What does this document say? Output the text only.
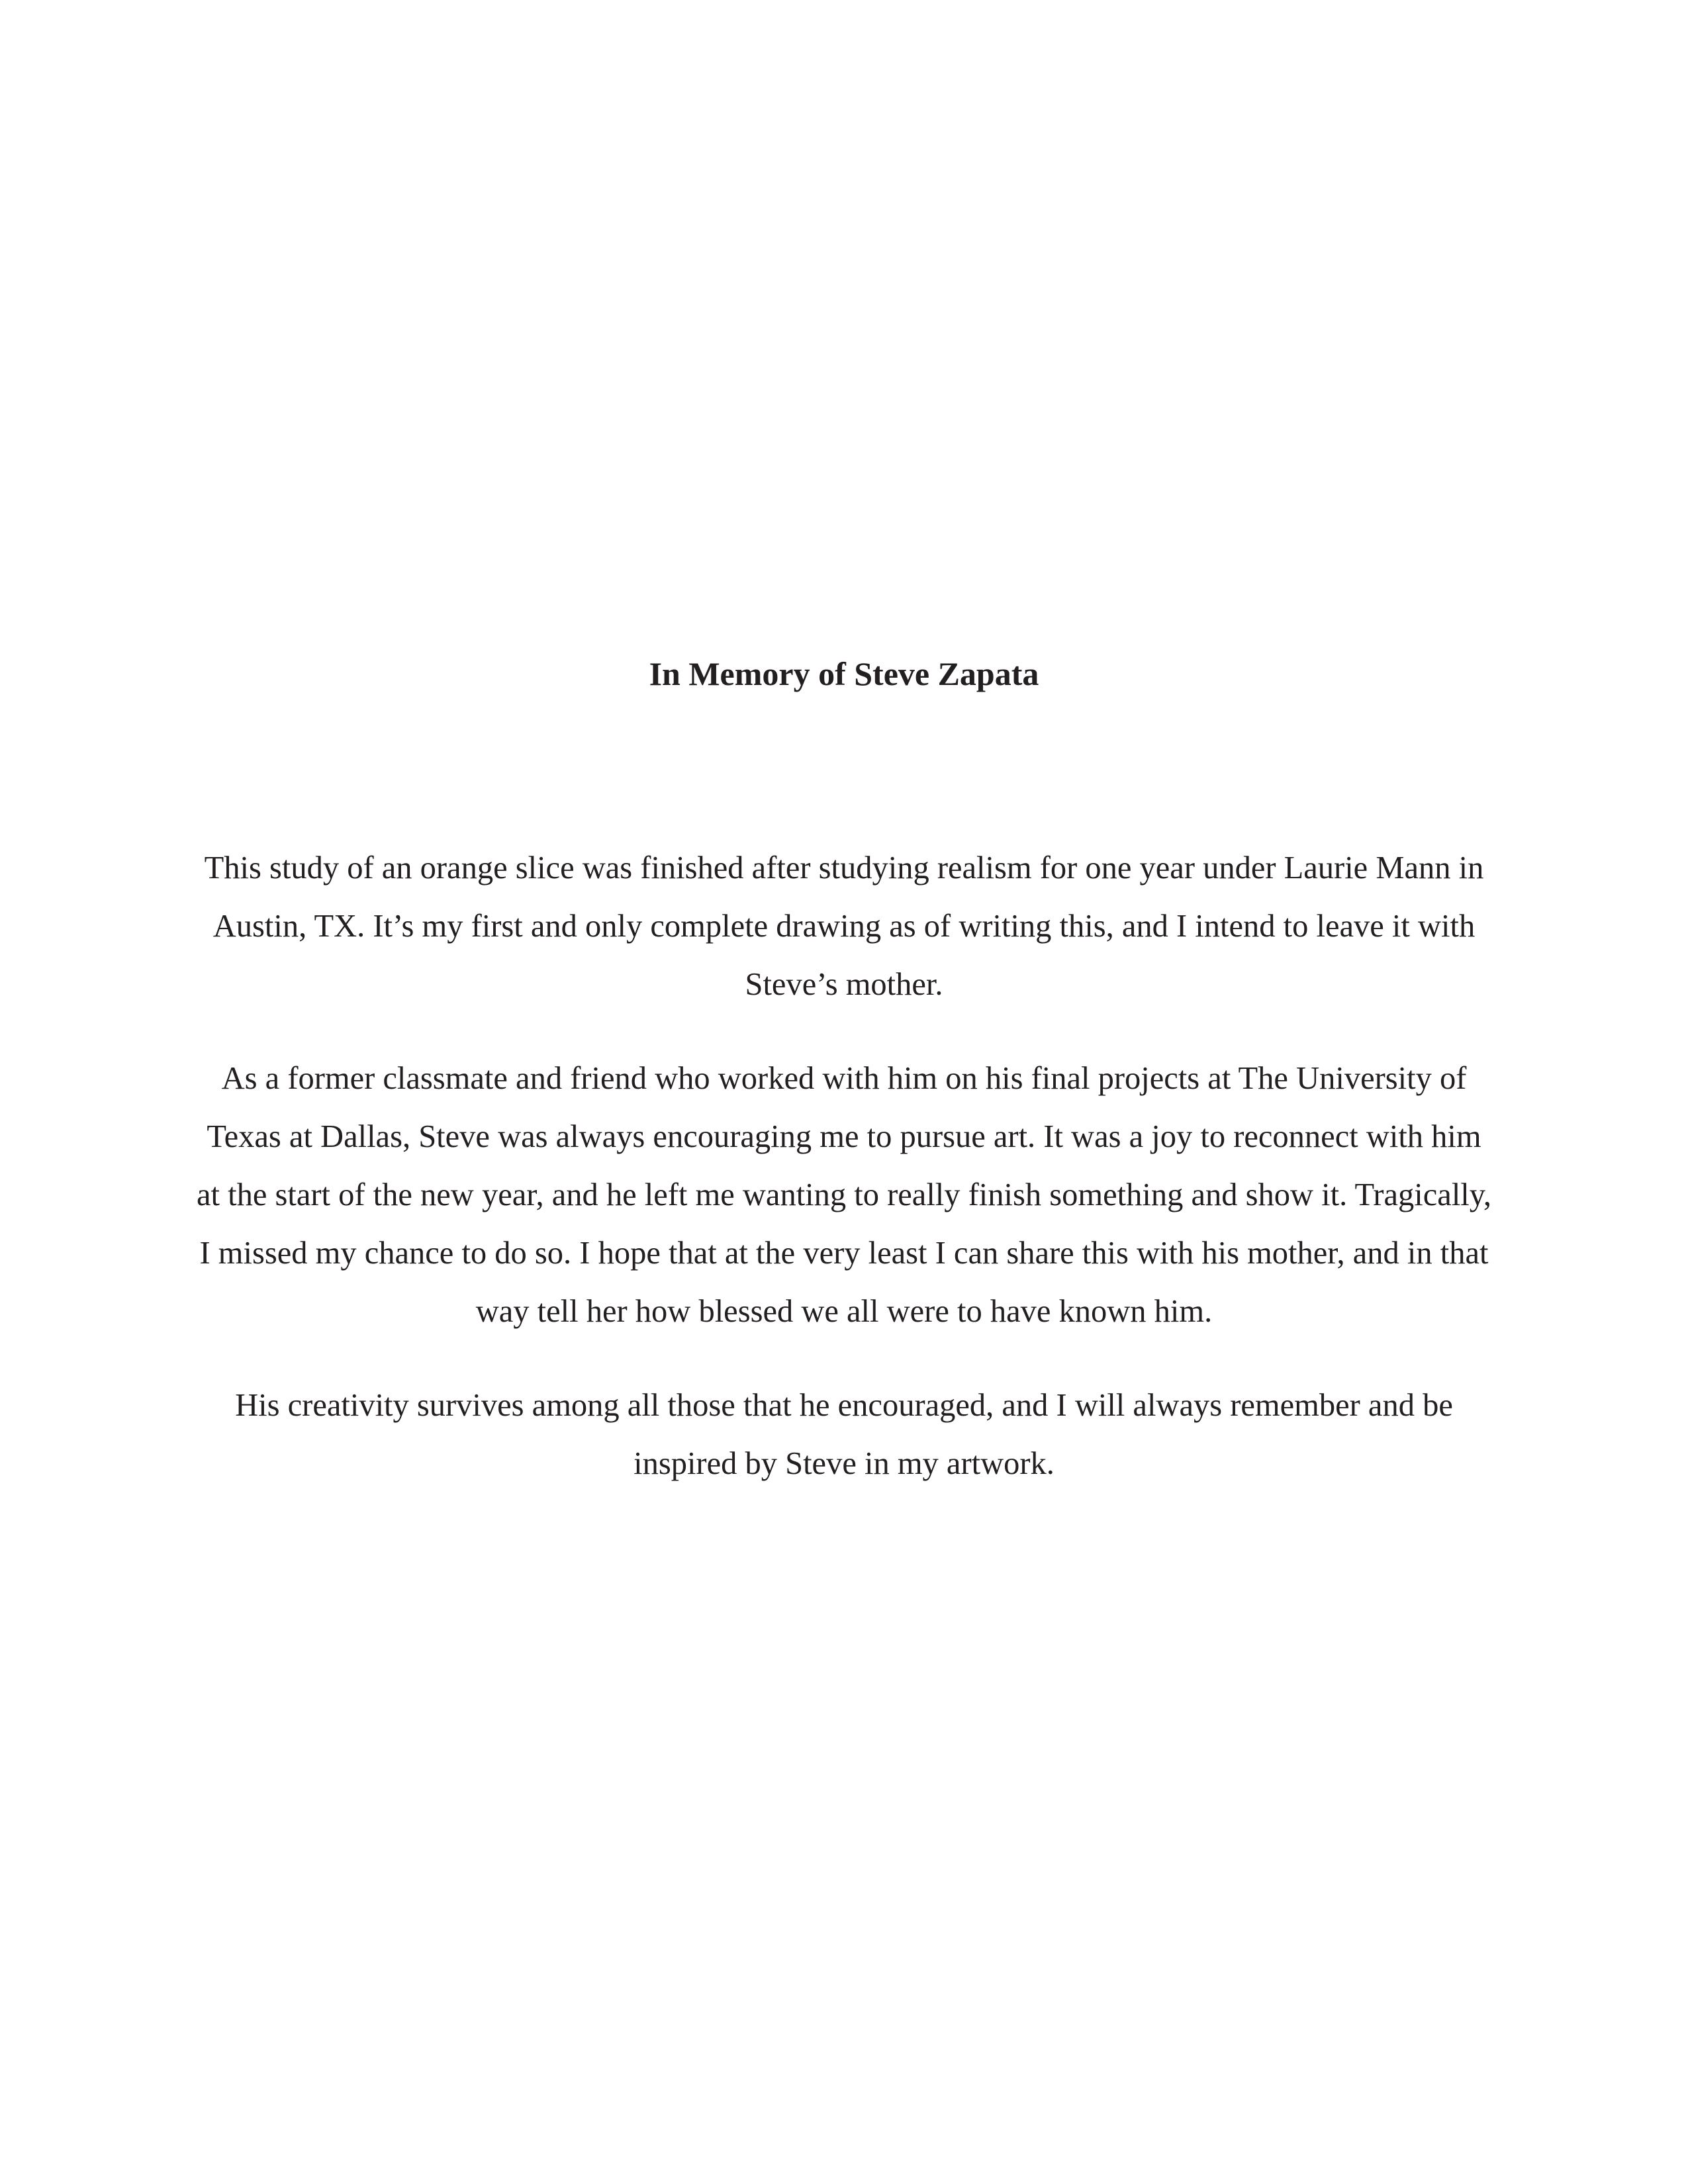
In Memory of Steve Zapata

This study of an orange slice was finished after studying realism for one year under Laurie Mann in Austin, TX. It’s my first and only complete drawing as of writing this, and I intend to leave it with Steve’s mother.

As a former classmate and friend who worked with him on his final projects at The University of Texas at Dallas, Steve was always encouraging me to pursue art. It was a joy to reconnect with him at the start of the new year, and he left me wanting to really finish something and show it. Tragically, I missed my chance to do so. I hope that at the very least I can share this with his mother, and in that way tell her how blessed we all were to have known him.

His creativity survives among all those that he encouraged, and I will always remember and be inspired by Steve in my artwork.
